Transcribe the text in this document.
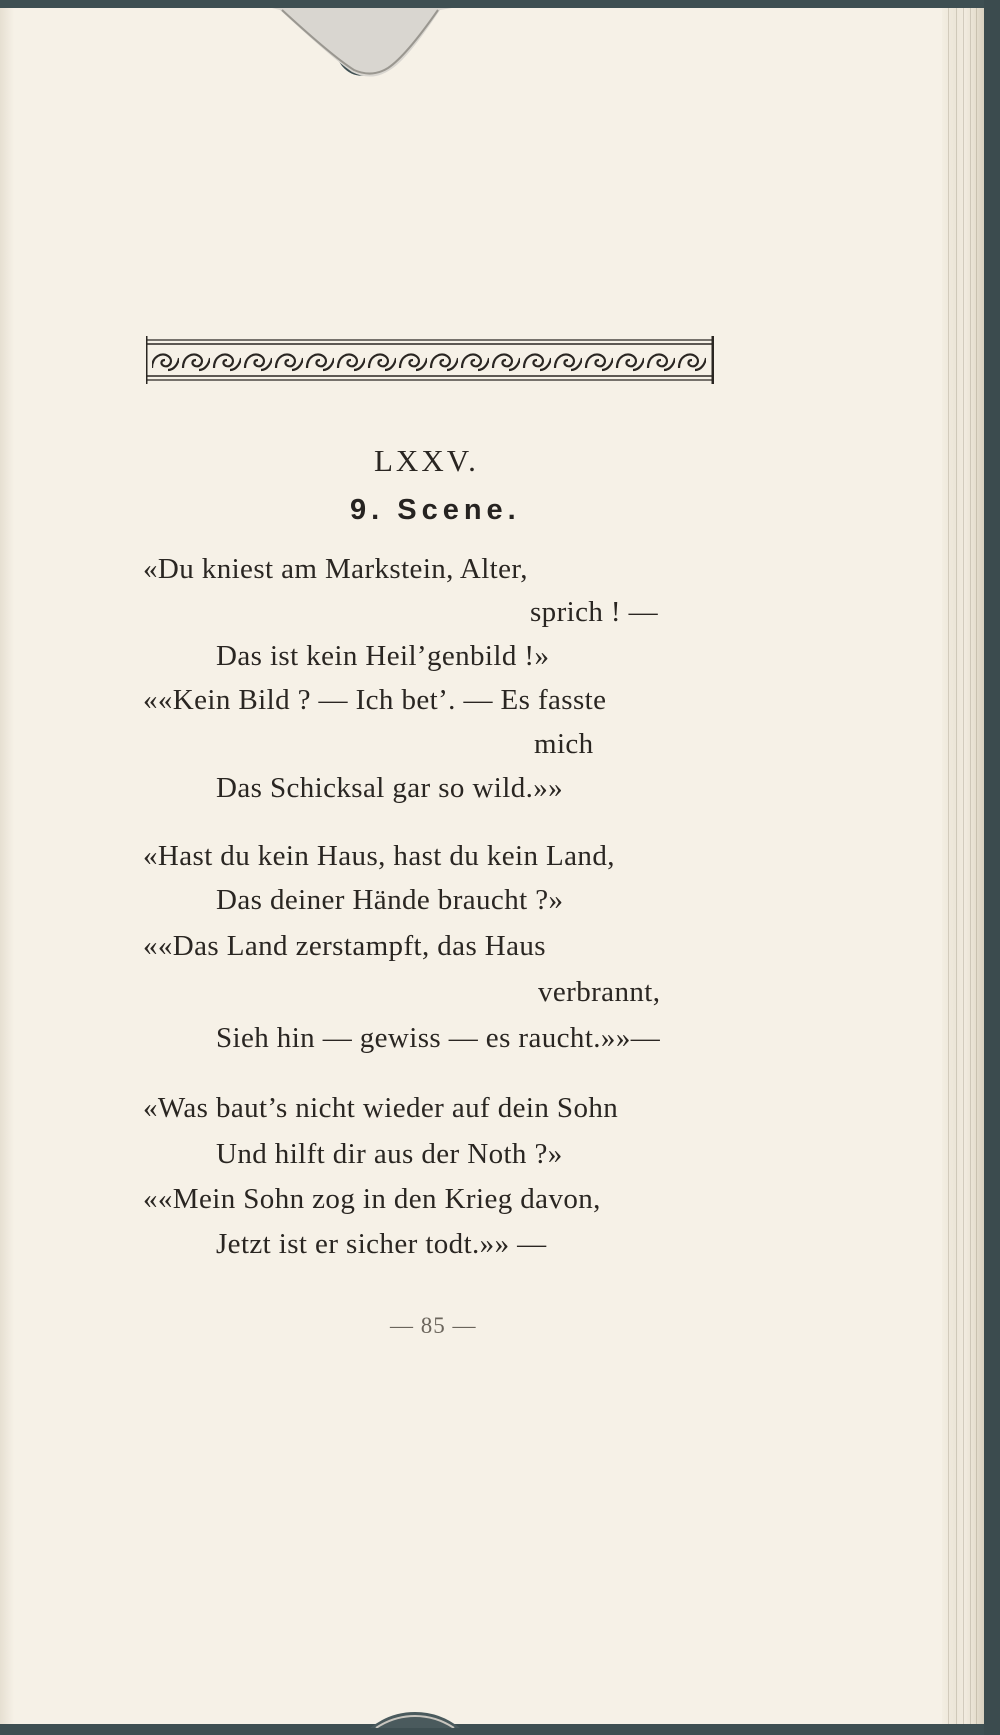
LXXV.
9. Scene.
«Du kniest am Markstein, Alter,
sprich ! —
Das ist kein Heil’genbild !»
««Kein Bild ? — Ich bet’. — Es fasste
mich
Das Schicksal gar so wild.»»
«Hast du kein Haus, hast du kein Land,
Das deiner Hände braucht ?»
««Das Land zerstampft, das Haus
verbrannt,
Sieh hin — gewiss — es raucht.»»—
«Was baut’s nicht wieder auf dein Sohn
Und hilft dir aus der Noth ?»
««Mein Sohn zog in den Krieg davon,
Jetzt ist er sicher todt.»» —
— 85 —
